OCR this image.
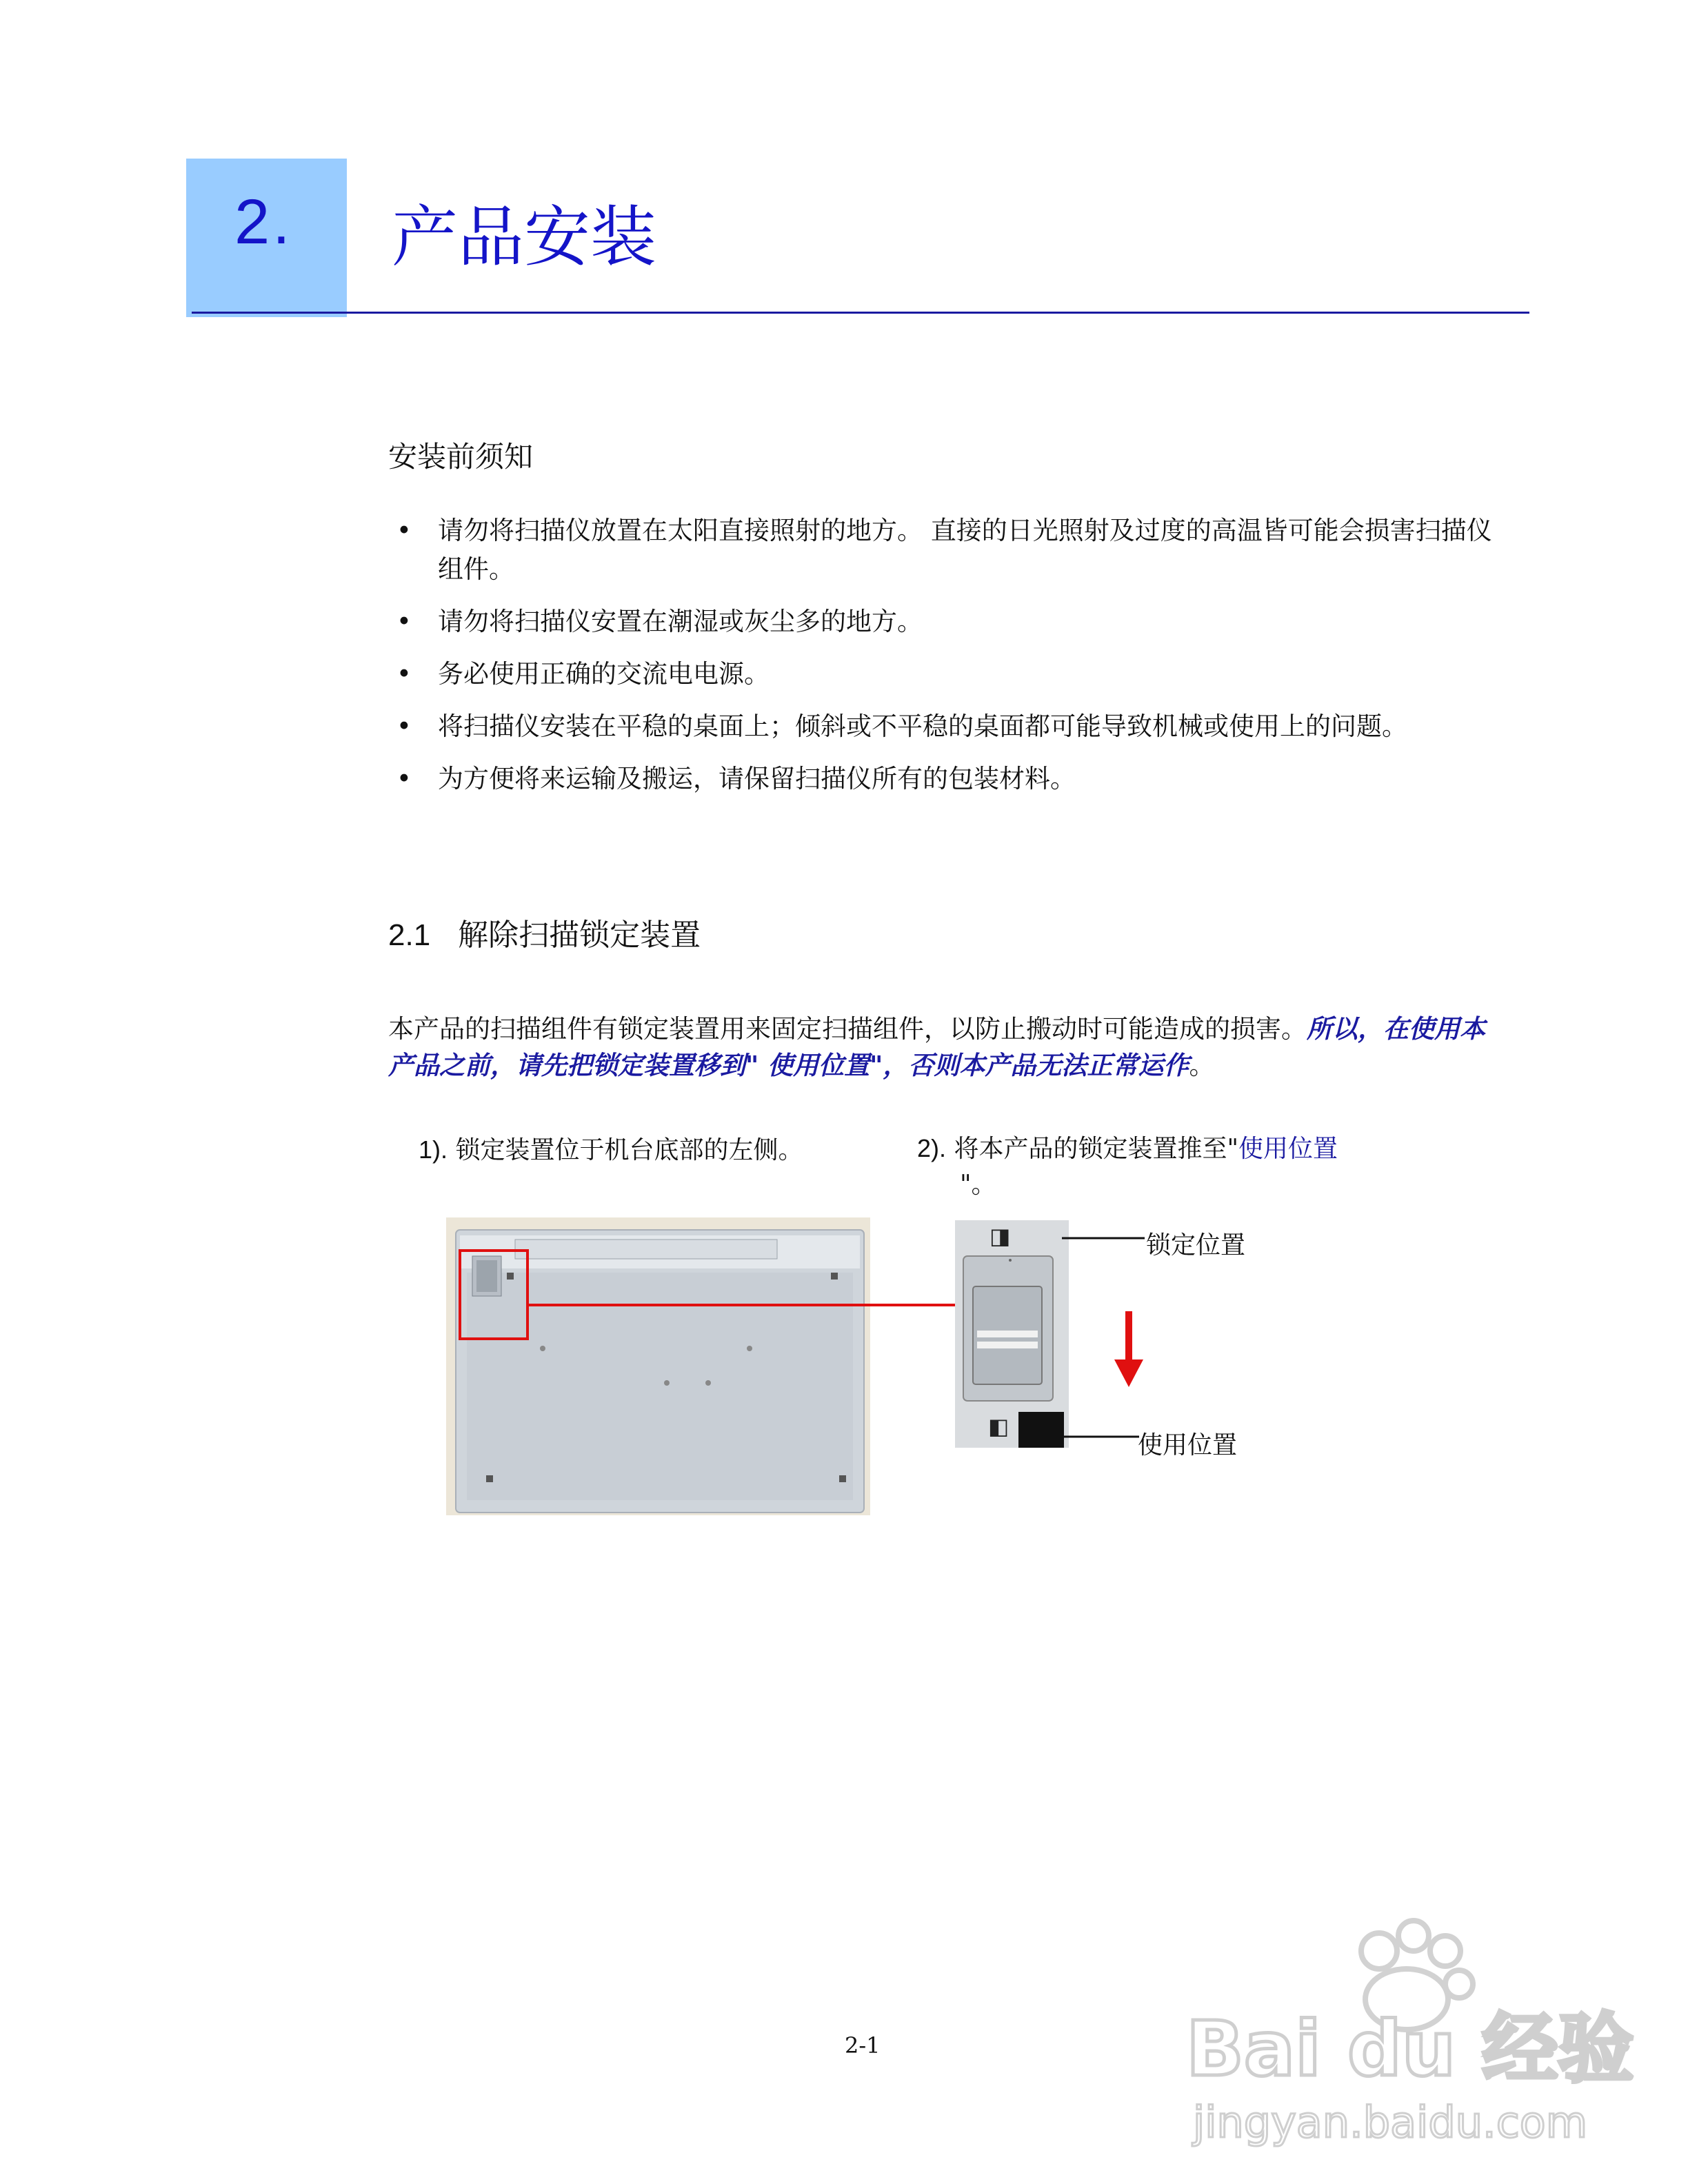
2. 产品安装
安装前须知
• 请勿将扫描仪放置在太阳直接照射的地方。 直接的日光照射及过度的高温皆可能会损害扫描仪组件。
• 请勿将扫描仪安置在潮湿或灰尘多的地方。
• 务必使用正确的交流电电源。
• 将扫描仪安装在平稳的桌面上；倾斜或不平稳的桌面都可能导致机械或使用上的问题。
• 为方便将来运输及搬运，请保留扫描仪所有的包装材料。
2.1 解除扫描锁定装置
本产品的扫描组件有锁定装置用来固定扫描组件，以防止搬动时可能造成的损害。所以，在使用本产品之前，请先把锁定装置移到" 使用位置"，否则本产品无法正常运作。
1). 锁定装置位于机台底部的左侧。	2). 将本产品的锁定装置推至"使用位置
"。
◨
◧
锁定位置
使用位置
2-1	Bai du 经验
jingyan.baidu.com
